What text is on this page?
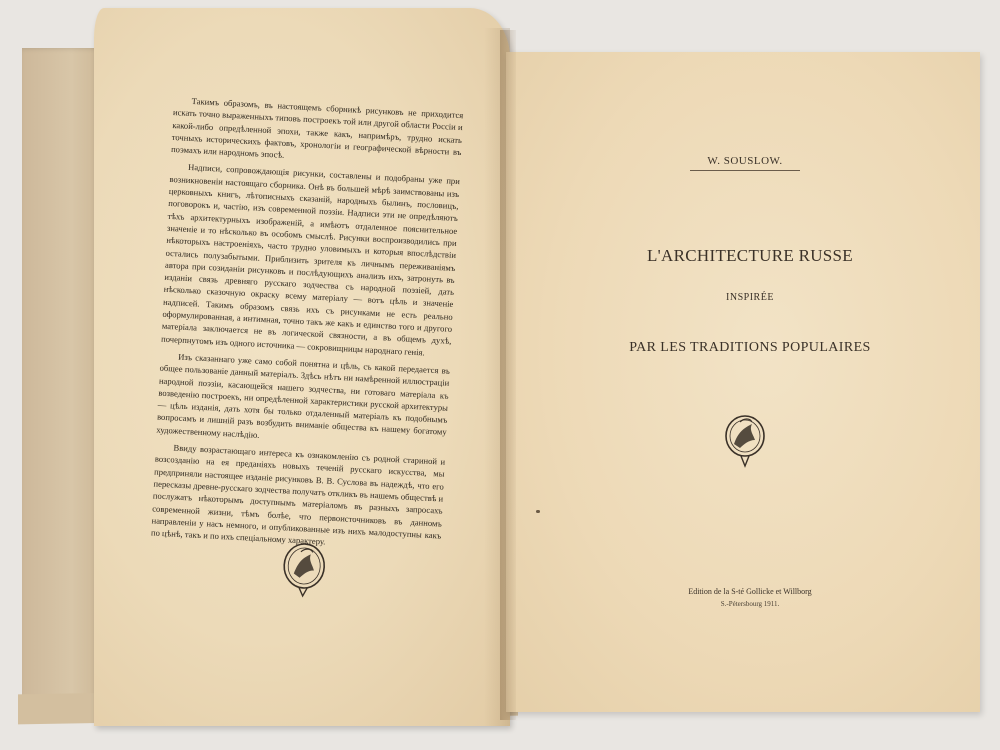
Такимъ образомъ, въ настоящемъ сборникѣ рисунковъ не приходится искать точно выраженныхъ типовъ построекъ той или другой области Россіи и какой-либо опредѣленной эпохи, также какъ, напримѣръ, трудно искать точныхъ историческихъ фактовъ, хронологіи и географической вѣрности въ поэмахъ или народномъ эпосѣ.

Надписи, сопровождающія рисунки, составлены и подобраны уже при возникновеніи настоящаго сборника. Онѣ въ большей мѣрѣ заимствованы изъ церковныхъ книгъ, лѣтописныхъ сказаній, народныхъ былинъ, пословицъ, поговорокъ и, частію, изъ современной поэзіи. Надписи эти не опредѣляютъ тѣхъ архитектурныхъ изображеній, а имѣютъ отдаленное пояснительное значеніе и то нѣсколько въ особомъ смыслѣ. Рисунки воспроизводились при нѣкоторыхъ настроеніяхъ, часто трудно уловимыхъ и которыя впослѣдствіи остались полузабытыми. Приблизить зрителя къ личнымъ переживаніямъ автора при созиданіи рисунковъ и послѣдующихъ анализъ ихъ, затронуть въ изданіи связь древняго русскаго зодчества съ народной поэзіей, дать нѣсколько сказочную окраску всему матеріалу — вотъ цѣль и значеніе надписей. Такимъ образомъ связь ихъ съ рисунками не есть реально оформулированная, а интимная, точно такъ же какъ и единство того и другого матеріала заключается не въ логической связности, а въ общемъ духѣ, почерпнутомъ изъ одного источника — сокровищницы народнаго генія.

Изъ сказаннаго уже само собой понятна и цѣль, съ какой передается въ общее пользованіе данный матеріалъ. Здѣсь нѣтъ ни намѣренной иллюстраціи народной поэзіи, касающейся нашего зодчества, ни готоваго матеріала къ возведенію построекъ, ни опредѣленной характеристики русской архитектуры — цѣль изданія, дать хотя бы только отдаленный матеріалъ къ подобнымъ вопросамъ и лишній разъ возбудить вниманіе общества къ нашему богатому художественному наслѣдію.

Ввиду возрастающаго интереса къ ознакомленію съ родной стариной и возсозданію на ея преданіяхъ новыхъ теченій русскаго искусства, мы предприняли настоящее изданіе рисунковъ В. В. Суслова въ надеждѣ, что его пересказы древне-русскаго зодчества получатъ откликъ въ нашемъ обществѣ и послужатъ нѣкоторымъ доступнымъ матеріаломъ въ разныхъ запросахъ современной жизни, тѣмъ болѣе, что первоисточниковъ въ данномъ направленіи у насъ немного, и опубликованные изъ нихъ малодоступны какъ по цѣнѣ, такъ и по ихъ спеціальному характеру.

W. SOUSLOW.
L'ARCHITECTURE RUSSE
INSPIRÉE
PAR LES TRADITIONS POPULAIRES
Edition de la S-té Gollicke et Willborg
S.-Pétersbourg 1911.
